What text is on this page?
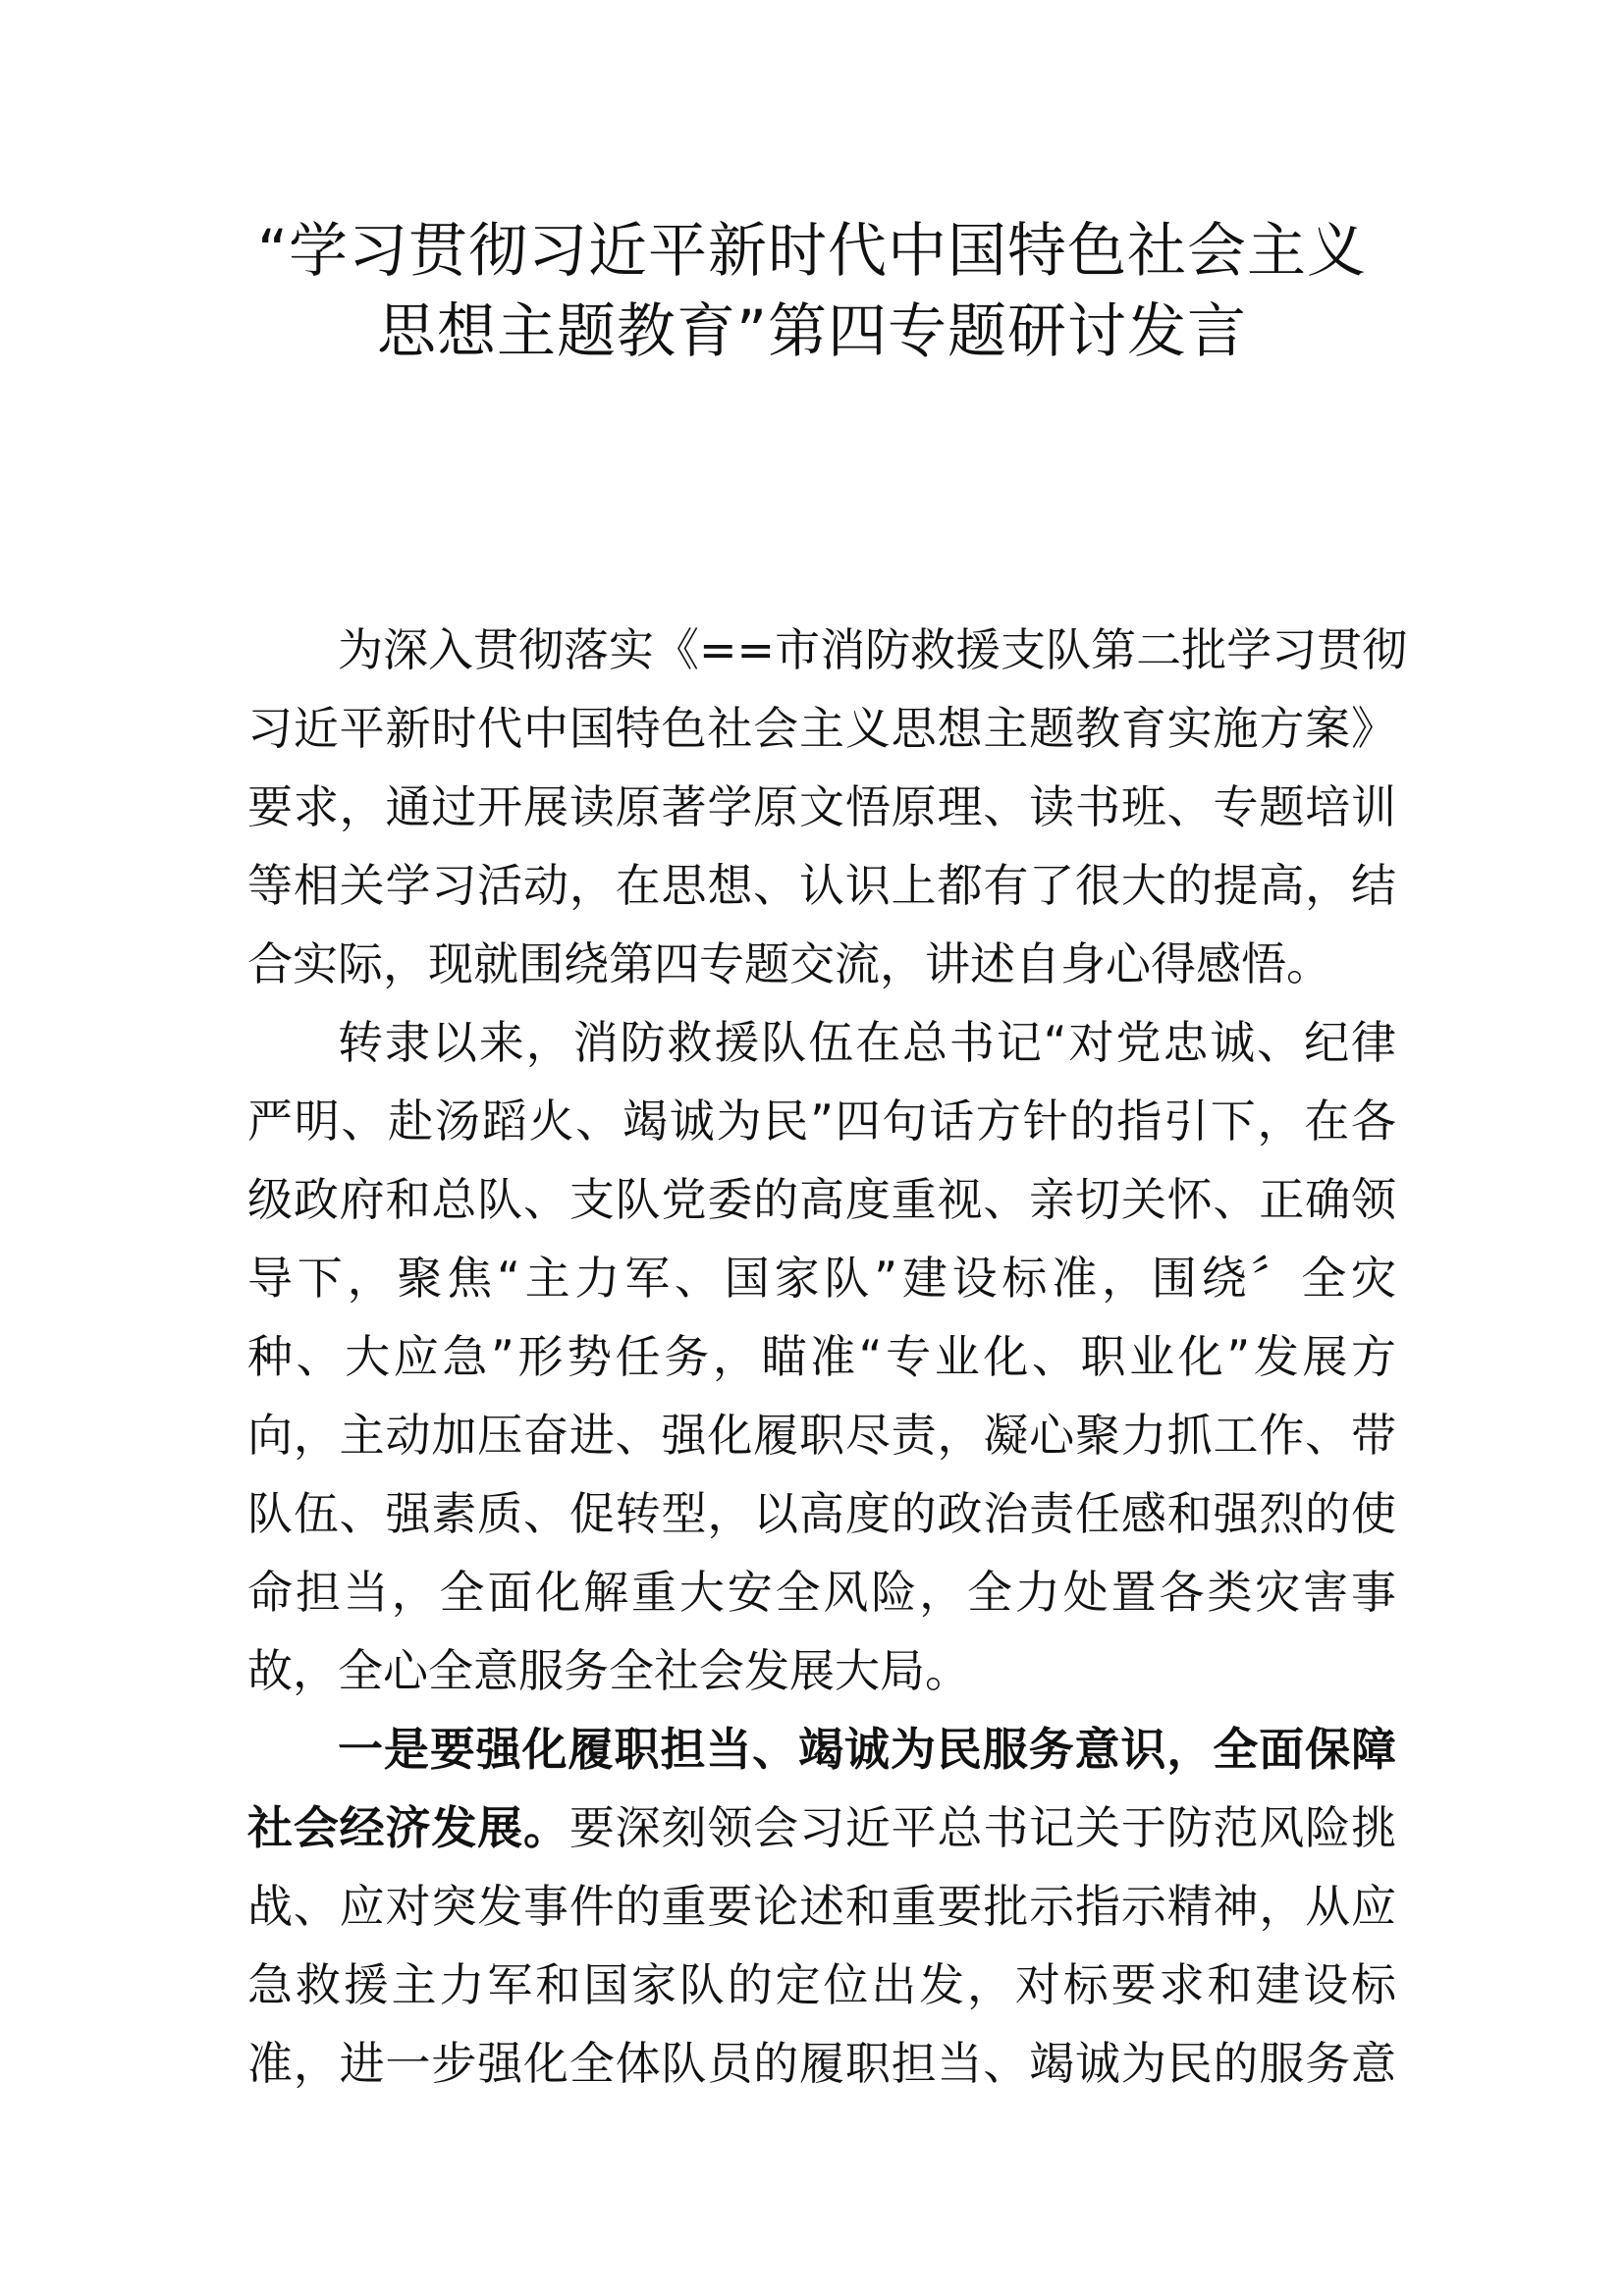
“学习贯彻习近平新时代中国特色社会主义
思想主题教育”第四专题研讨发言

为深入贯彻落实《==市消防救援支队第二批学习贯彻
习近平新时代中国特色社会主义思想主题教育实施方案》
要求，通过开展读原著学原文悟原理、读书班、专题培训
等相关学习活动，在思想、认识上都有了很大的提高，结
合实际，现就围绕第四专题交流，讲述自身心得感悟。

转隶以来，消防救援队伍在总书记“对党忠诚、纪律
严明、赴汤蹈火、竭诚为民”四句话方针的指引下，在各
级政府和总队、支队党委的高度重视、亲切关怀、正确领
导下，聚焦“主力军、国家队”建设标准，围绕〞全灾
种、大应急”形势任务，瞄准“专业化、职业化”发展方
向，主动加压奋进、强化履职尽责，凝心聚力抓工作、带
队伍、强素质、促转型，以高度的政治责任感和强烈的使
命担当，全面化解重大安全风险，全力处置各类灾害事
故，全心全意服务全社会发展大局。

一是要强化履职担当、竭诚为民服务意识，全面保障
社会经济发展。要深刻领会习近平总书记关于防范风险挑
战、应对突发事件的重要论述和重要批示指示精神，从应
急救援主力军和国家队的定位出发，对标要求和建设标
准，进一步强化全体队员的履职担当、竭诚为民的服务意
